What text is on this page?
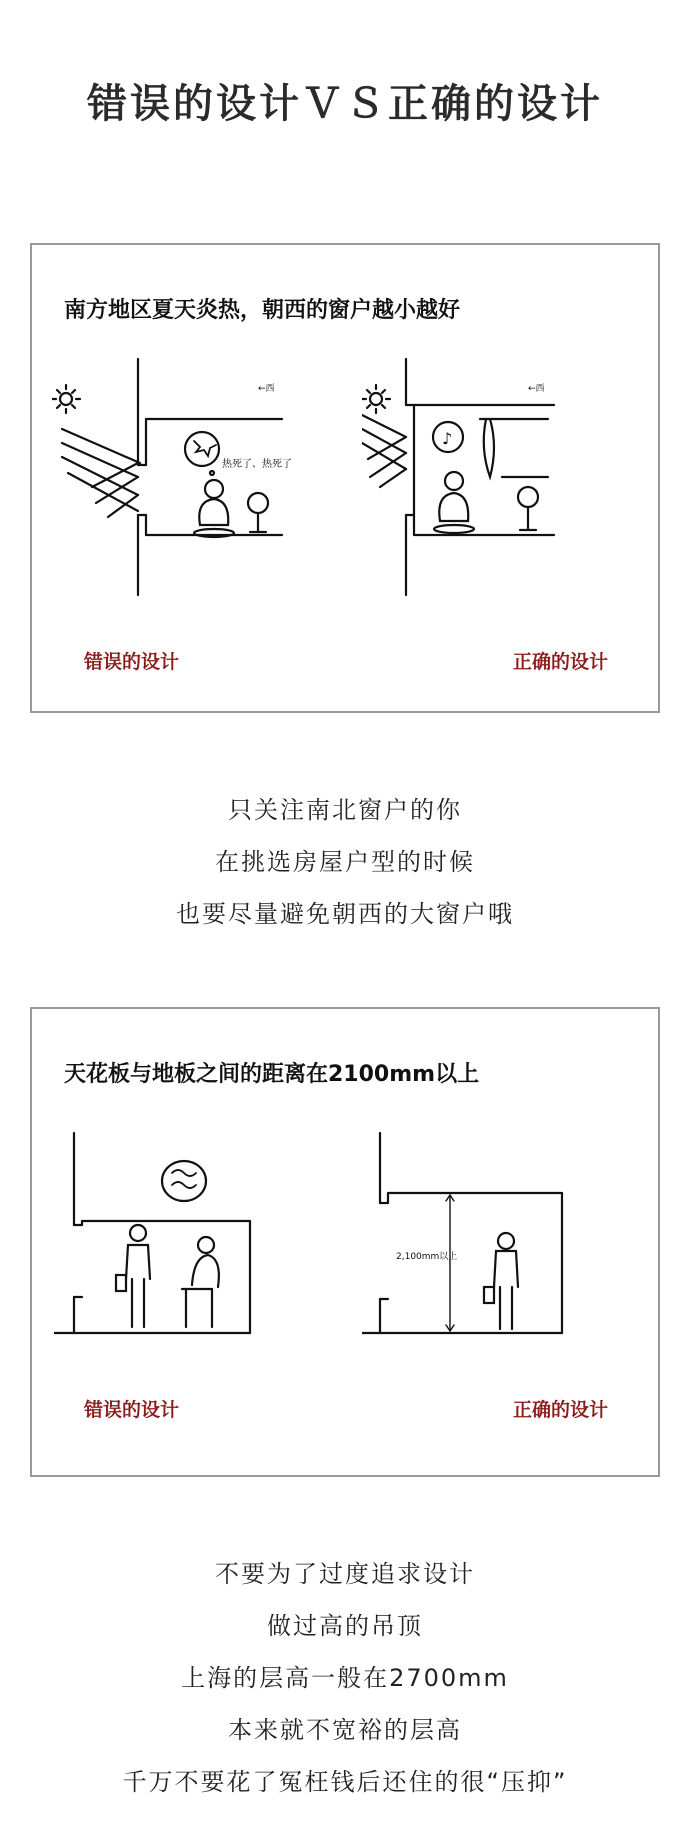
错误的设计ＶＳ正确的设计
南方地区夏天炎热，朝西的窗户越小越好
←西
热死了、热死了
←西
♪
错误的设计	正确的设计
只关注南北窗户的你
在挑选房屋户型的时候
也要尽量避免朝西的大窗户哦
天花板与地板之间的距离在2100mm以上
2,100mm以上
错误的设计	正确的设计
不要为了过度追求设计
做过高的吊顶
上海的层高一般在2700mm
本来就不宽裕的层高
千万不要花了冤枉钱后还住的很“压抑”
